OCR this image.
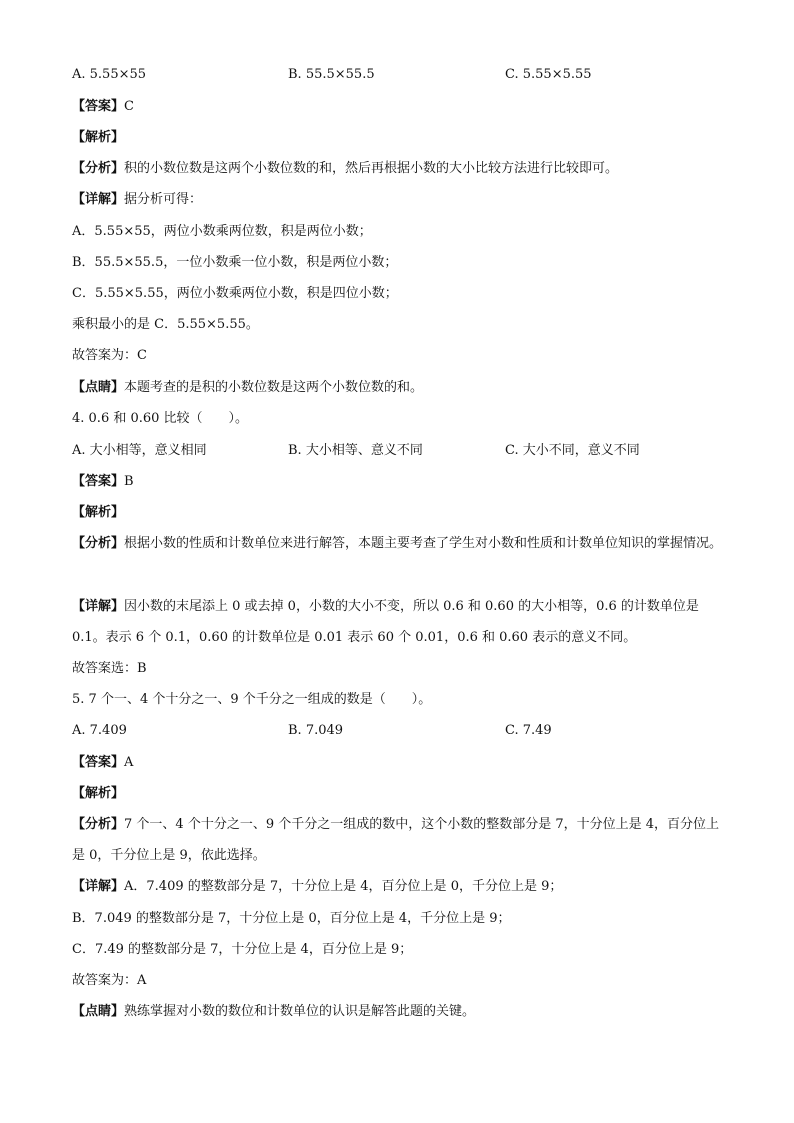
A. 5.55×55	B. 55.5×55.5	C. 5.55×5.55
【答案】C
【解析】
【分析】积的小数位数是这两个小数位数的和，然后再根据小数的大小比较方法进行比较即可。
【详解】据分析可得：
A．5.55×55，两位小数乘两位数，积是两位小数；
B．55.5×55.5，一位小数乘一位小数，积是两位小数；
C．5.55×5.55，两位小数乘两位小数，积是四位小数；
乘积最小的是 C．5.55×5.55。
故答案为：C
【点睛】本题考查的是积的小数位数是这两个小数位数的和。
4. 0.6 和 0.60 比较（　　）。
A. 大小相等，意义相同	B. 大小相等、意义不同	C. 大小不同，意义不同
【答案】B
【解析】
【分析】根据小数的性质和计数单位来进行解答，本题主要考查了学生对小数和性质和计数单位知识的掌握情况。
【详解】因小数的末尾添上 0 或去掉 0，小数的大小不变，所以 0.6 和 0.60 的大小相等，0.6 的计数单位是 0.1。表示 6 个 0.1，0.60 的计数单位是 0.01 表示 60 个 0.01，0.6 和 0.60 表示的意义不同。
故答案选：B
5. 7 个一、4 个十分之一、9 个千分之一组成的数是（　　）。
A. 7.409	B. 7.049	C. 7.49
【答案】A
【解析】
【分析】7 个一、4 个十分之一、9 个千分之一组成的数中，这个小数的整数部分是 7，十分位上是 4，百分位上是 0，千分位上是 9，依此选择。
【详解】A．7.409 的整数部分是 7，十分位上是 4，百分位上是 0，千分位上是 9；
B．7.049 的整数部分是 7，十分位上是 0，百分位上是 4，千分位上是 9；
C．7.49 的整数部分是 7，十分位上是 4，百分位上是 9；
故答案为：A
【点睛】熟练掌握对小数的数位和计数单位的认识是解答此题的关键。
